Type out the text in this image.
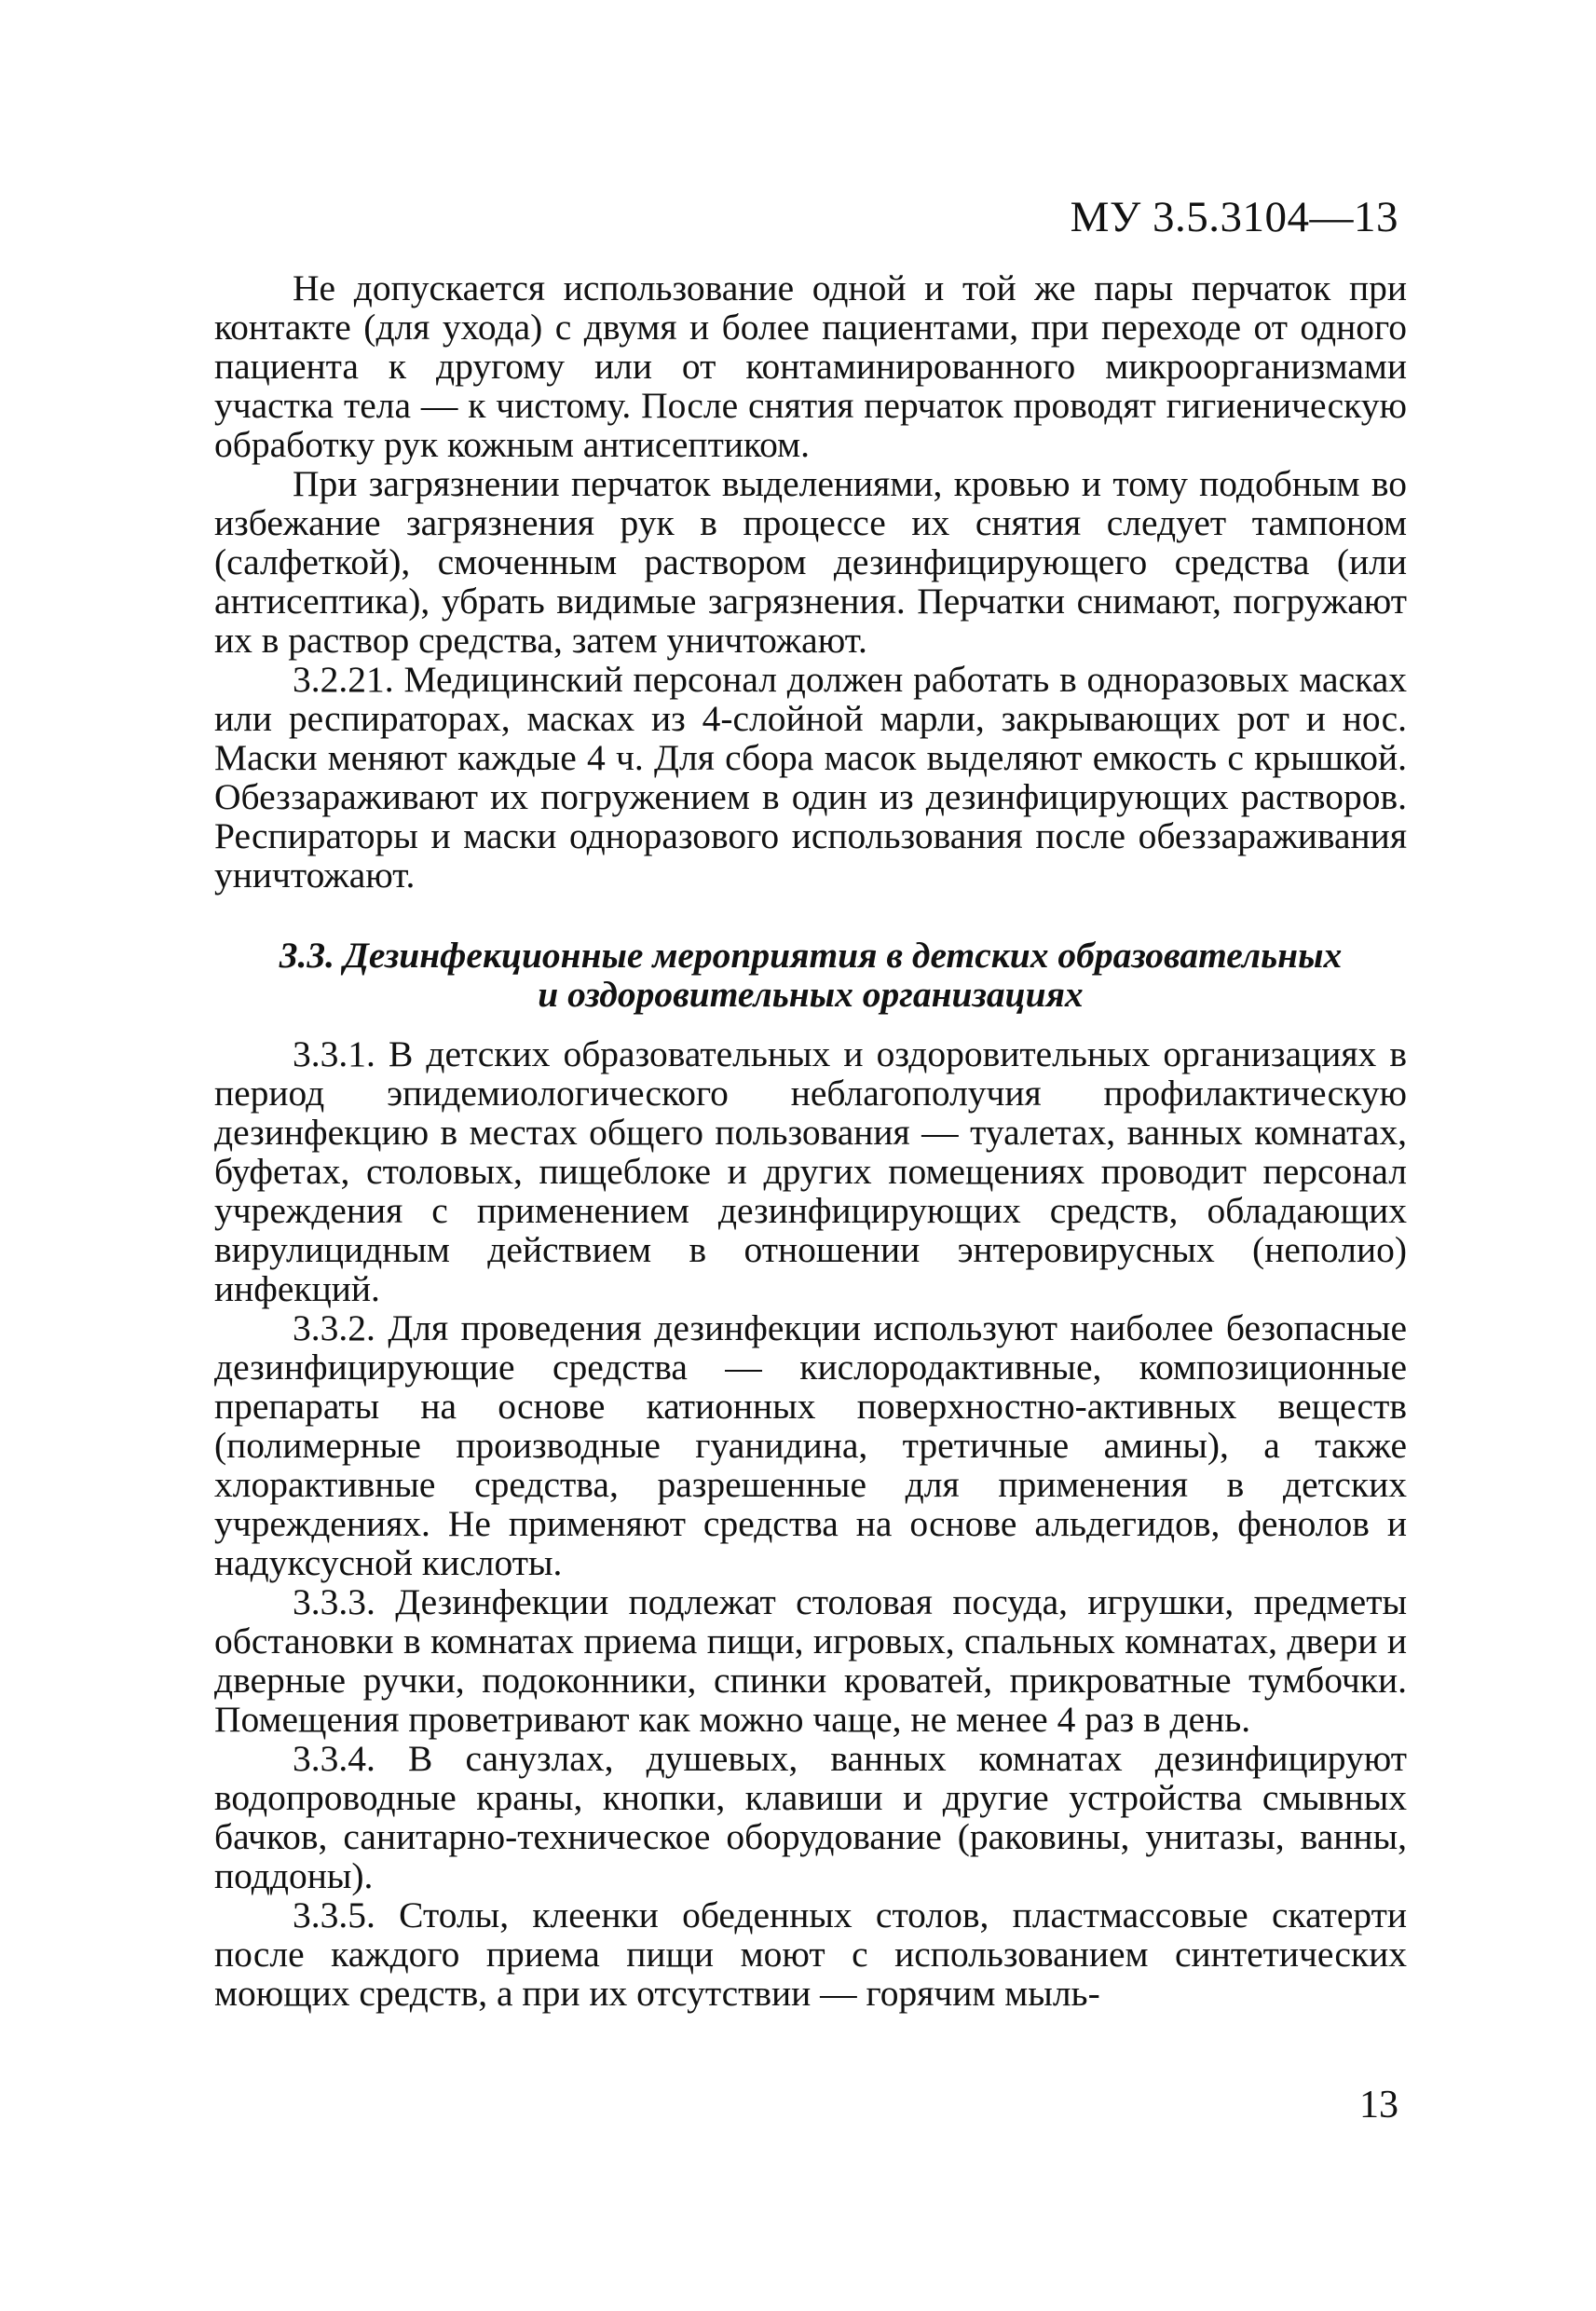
МУ 3.5.3104—13

Не допускается использование одной и той же пары перчаток при контакте (для ухода) с двумя и более пациентами, при переходе от одного пациента к другому или от контаминированного микроорганизмами участка тела — к чистому. После снятия перчаток проводят гигиеническую обработку рук кожным антисептиком.

При загрязнении перчаток выделениями, кровью и тому подобным во избежание загрязнения рук в процессе их снятия следует тампоном (салфеткой), смоченным раствором дезинфицирующего средства (или антисептика), убрать видимые загрязнения. Перчатки снимают, погружают их в раствор средства, затем уничтожают.

3.2.21. Медицинский персонал должен работать в одноразовых масках или респираторах, масках из 4-слойной марли, закрывающих рот и нос. Маски меняют каждые 4 ч. Для сбора масок выделяют емкость с крышкой. Обеззараживают их погружением в один из дезинфицирующих растворов. Респираторы и маски одноразового использования после обеззараживания уничтожают.

3.3. Дезинфекционные мероприятия в детских образовательных
и оздоровительных организациях

3.3.1. В детских образовательных и оздоровительных организациях в период эпидемиологического неблагополучия профилактическую дезинфекцию в местах общего пользования — туалетах, ванных комнатах, буфетах, столовых, пищеблоке и других помещениях проводит персонал учреждения с применением дезинфицирующих средств, обладающих вирулицидным действием в отношении энтеровирусных (неполио) инфекций.

3.3.2. Для проведения дезинфекции используют наиболее безопасные дезинфицирующие средства — кислородактивные, композиционные препараты на основе катионных поверхностно-активных веществ (полимерные производные гуанидина, третичные амины), а также хлорактивные средства, разрешенные для применения в детских учреждениях. Не применяют средства на основе альдегидов, фенолов и надуксусной кислоты.

3.3.3. Дезинфекции подлежат столовая посуда, игрушки, предметы обстановки в комнатах приема пищи, игровых, спальных комнатах, двери и дверные ручки, подоконники, спинки кроватей, прикроватные тумбочки. Помещения проветривают как можно чаще, не менее 4 раз в день.

3.3.4. В санузлах, душевых, ванных комнатах дезинфицируют водопроводные краны, кнопки, клавиши и другие устройства смывных бачков, санитарно-техническое оборудование (раковины, унитазы, ванны, поддоны).

3.3.5. Столы, клеенки обеденных столов, пластмассовые скатерти после каждого приема пищи моют с использованием синтетических моющих средств, а при их отсутствии — горячим мыль-

13
